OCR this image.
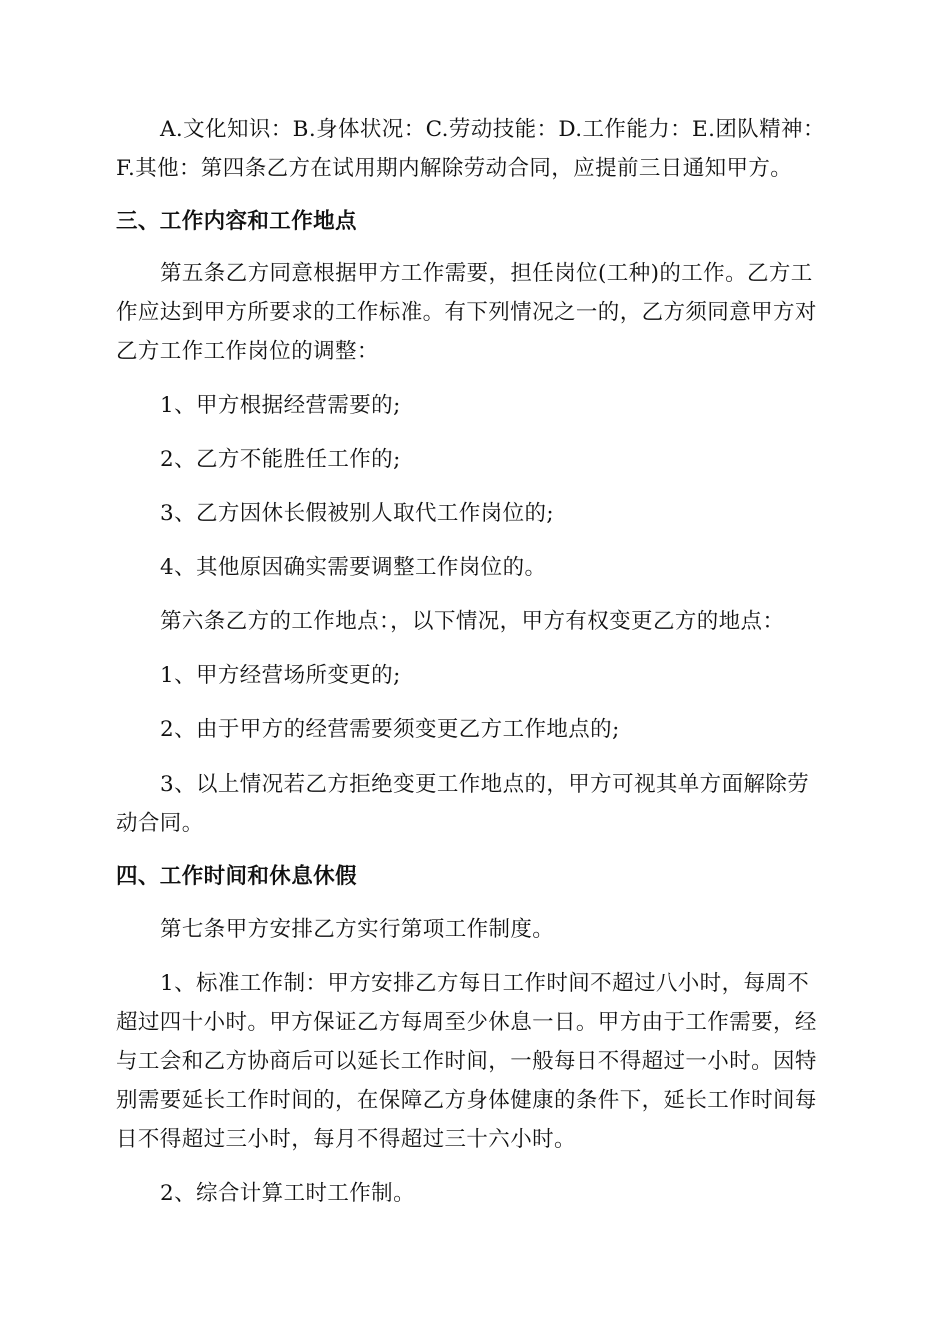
A.文化知识：B.身体状况：C.劳动技能：D.工作能力：E.团队精神：
F.其他：第四条乙方在试用期内解除劳动合同，应提前三日通知甲方。
三、工作内容和工作地点
第五条乙方同意根据甲方工作需要，担任岗位(工种)的工作。乙方工
作应达到甲方所要求的工作标准。有下列情况之一的，乙方须同意甲方对
乙方工作工作岗位的调整：
1、甲方根据经营需要的;
2、乙方不能胜任工作的;
3、乙方因休长假被别人取代工作岗位的;
4、其他原因确实需要调整工作岗位的。
第六条乙方的工作地点：，以下情况，甲方有权变更乙方的地点：
1、甲方经营场所变更的;
2、由于甲方的经营需要须变更乙方工作地点的;
3、以上情况若乙方拒绝变更工作地点的，甲方可视其单方面解除劳
动合同。
四、工作时间和休息休假
第七条甲方安排乙方实行第项工作制度。
1、标准工作制：甲方安排乙方每日工作时间不超过八小时，每周不
超过四十小时。甲方保证乙方每周至少休息一日。甲方由于工作需要，经
与工会和乙方协商后可以延长工作时间，一般每日不得超过一小时。因特
别需要延长工作时间的，在保障乙方身体健康的条件下，延长工作时间每
日不得超过三小时，每月不得超过三十六小时。
2、综合计算工时工作制。
